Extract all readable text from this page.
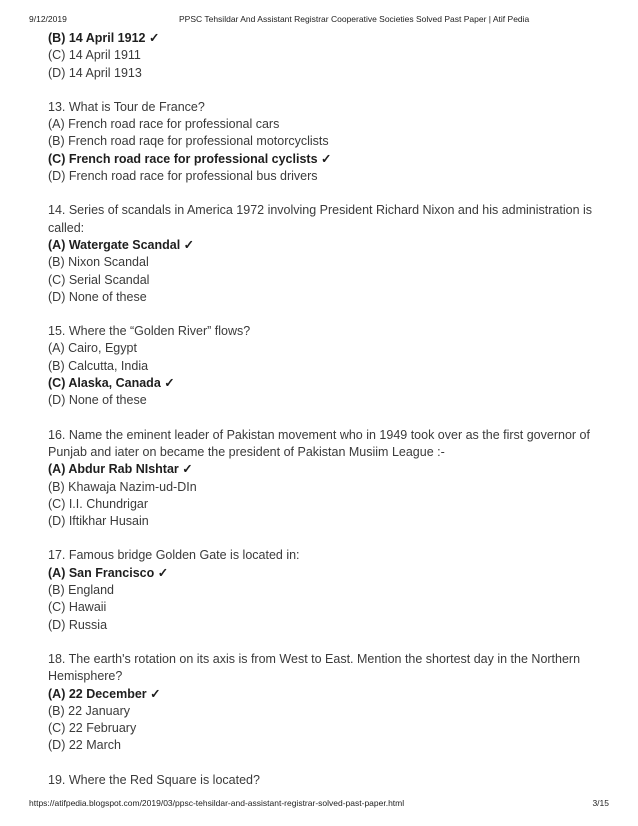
9/12/2019	PPSC Tehsildar And Assistant Registrar Cooperative Societies Solved Past Paper | Atif Pedia
(B) 14 April 1912 ✓
(C) 14 April 1911
(D) 14 April 1913
13. What is Tour de France?
(A) French road race for professional cars
(B) French road raqe for professional motorcyclists
(C) French road race for professional cyclists ✓
(D) French road race for professional bus drivers
14. Series of scandals in America 1972 involving President Richard Nixon and his administration is called:
(A) Watergate Scandal ✓
(B) Nixon Scandal
(C) Serial Scandal
(D) None of these
15. Where the “Golden River” flows?
(A) Cairo, Egypt
(B) Calcutta, India
(C) Alaska, Canada ✓
(D) None of these
16. Name the eminent leader of Pakistan movement who in 1949 took over as the first governor of Punjab and iater on became the president of Pakistan Musiim League :-
(A) Abdur Rab NIshtar ✓
(B) Khawaja Nazim-ud-DIn
(C) I.I. Chundrigar
(D) Iftikhar Husain
17. Famous bridge Golden Gate is located in:
(A) San Francisco ✓
(B) England
(C) Hawaii
(D) Russia
18. The earth's rotation on its axis is from West to East. Mention the shortest day in the Northern Hemisphere?
(A) 22 December ✓
(B) 22 January
(C) 22 February
(D) 22 March
19. Where the Red Square is located?
https://atifpedia.blogspot.com/2019/03/ppsc-tehsildar-and-assistant-registrar-solved-past-paper.html	3/15
